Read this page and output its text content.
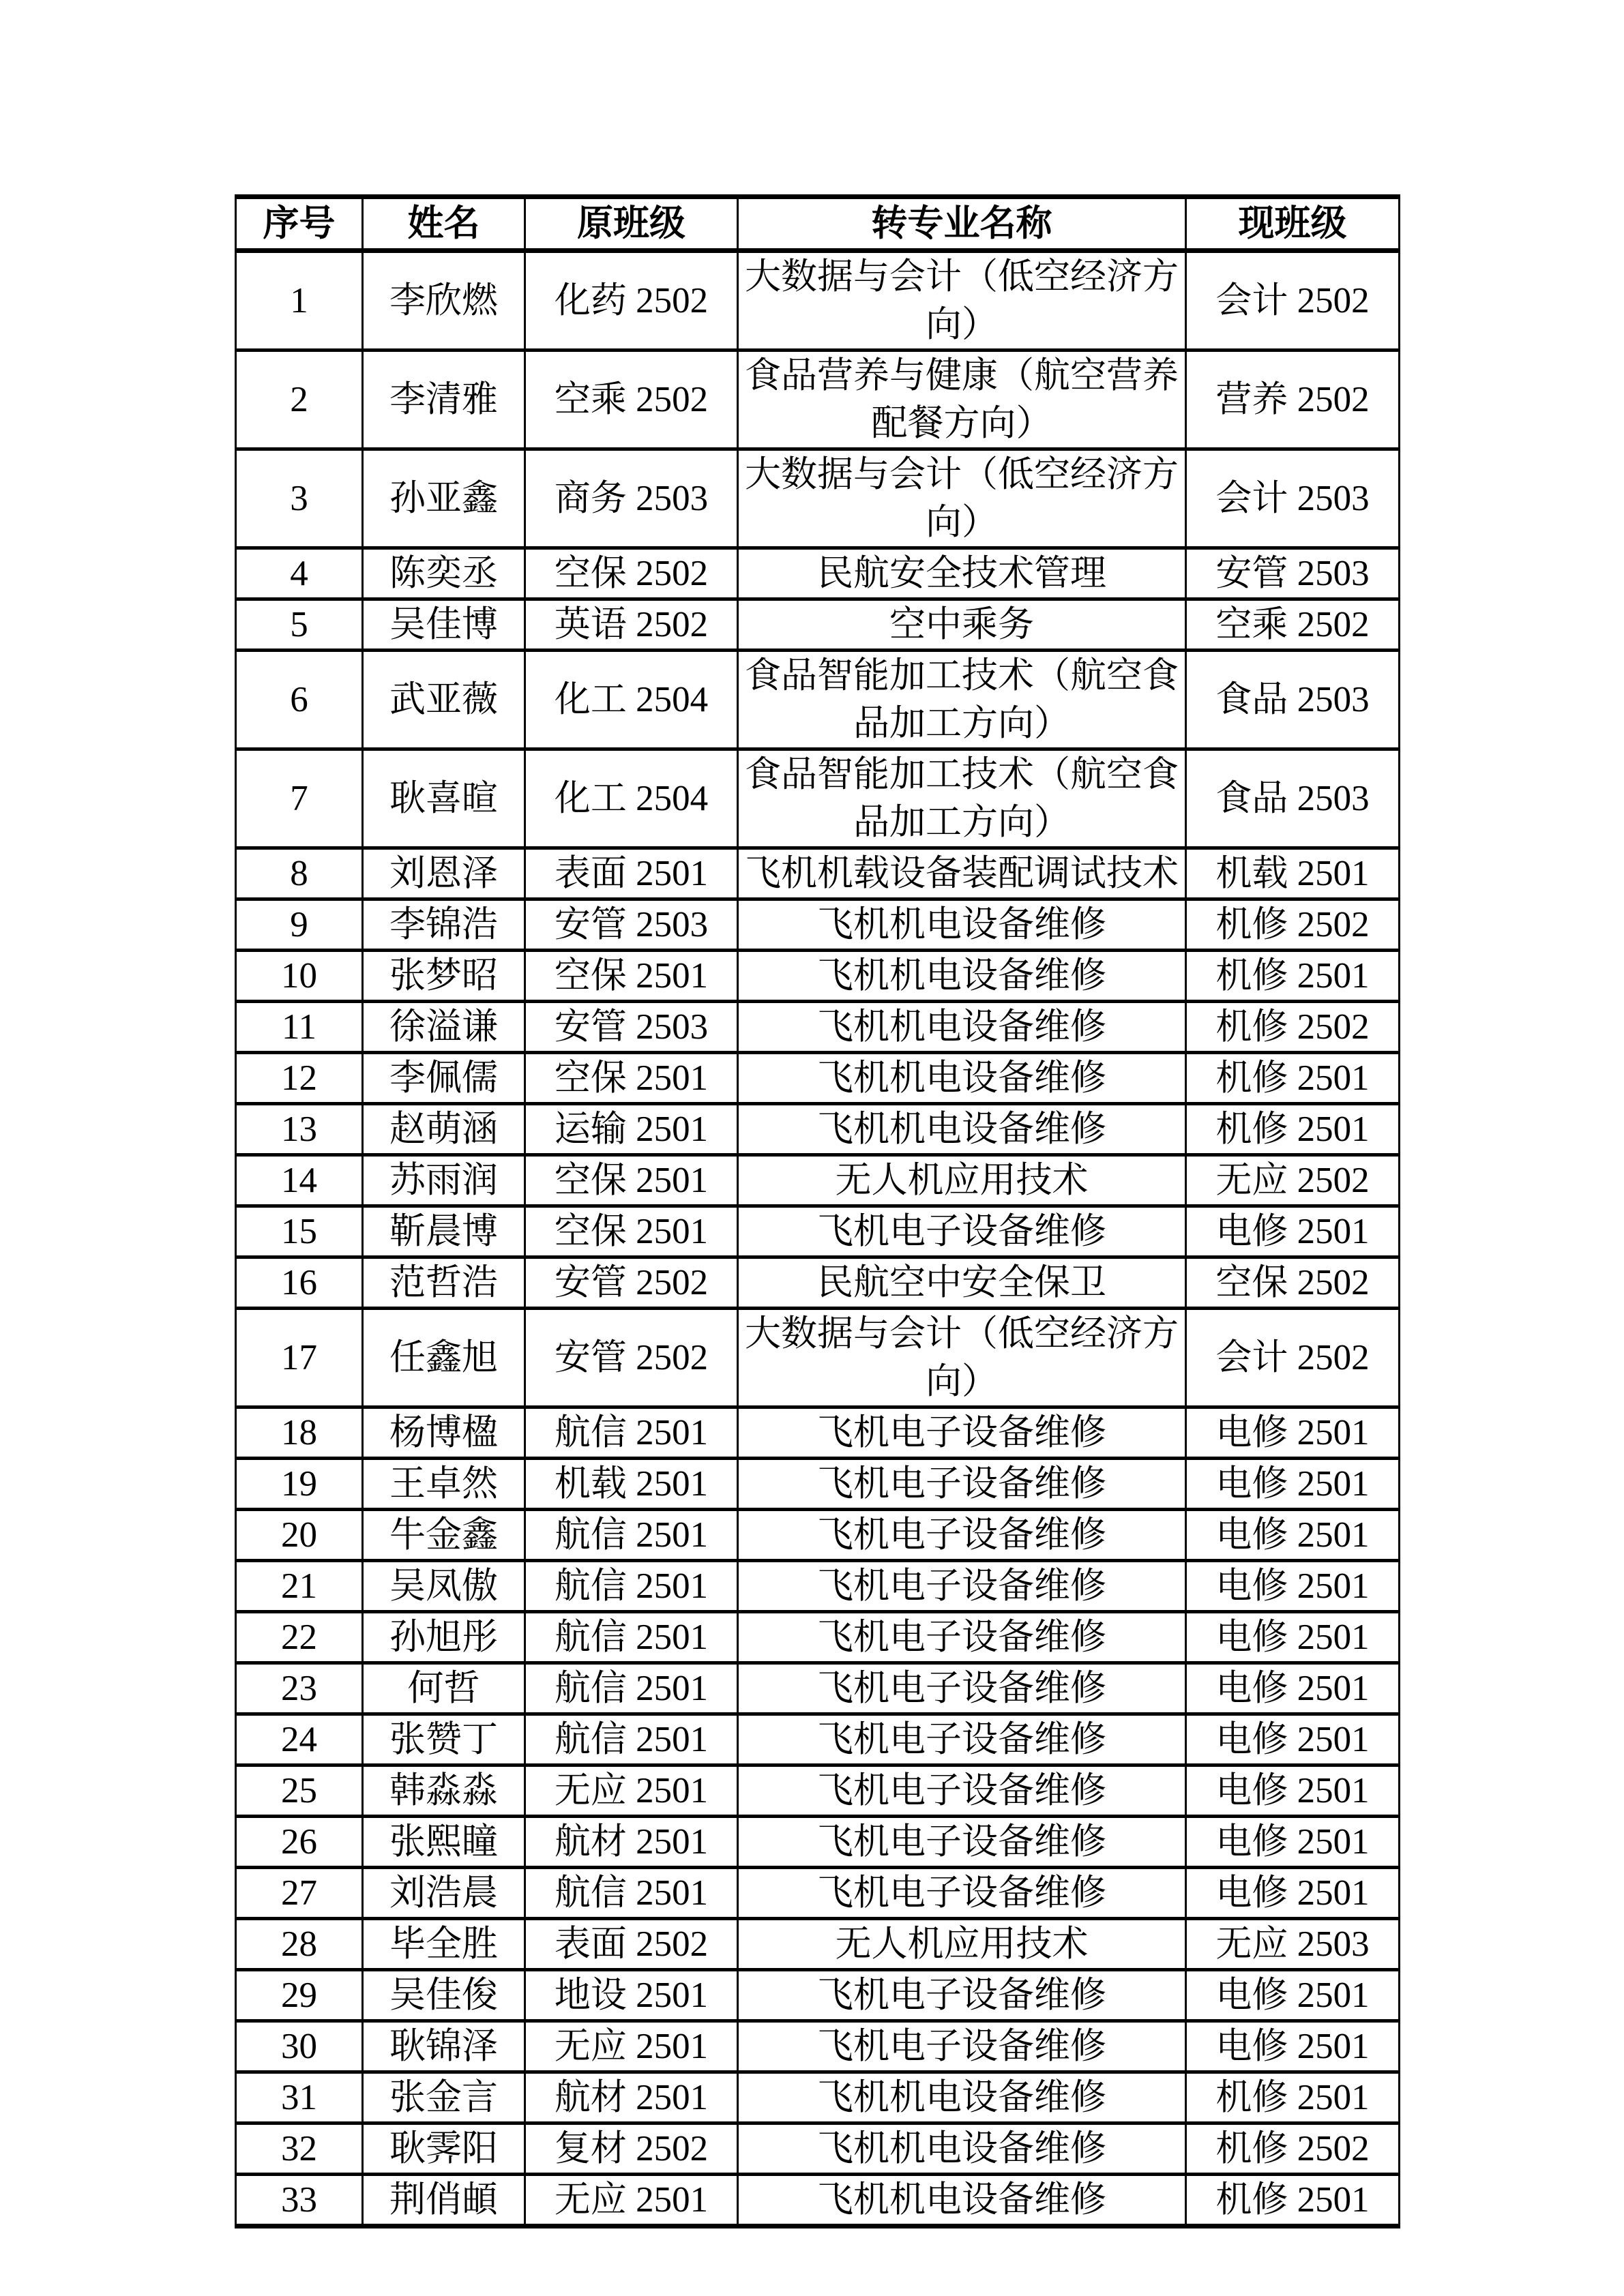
序号	姓名	原班级	转专业名称	现班级
1	李欣燃	化药 2502	大数据与会计（低空经济方向）	会计 2502
2	李清雅	空乘 2502	食品营养与健康（航空营养配餐方向）	营养 2502
3	孙亚鑫	商务 2503	大数据与会计（低空经济方向）	会计 2503
4	陈奕丞	空保 2502	民航安全技术管理	安管 2503
5	吴佳博	英语 2502	空中乘务	空乘 2502
6	武亚薇	化工 2504	食品智能加工技术（航空食品加工方向）	食品 2503
7	耿喜暄	化工 2504	食品智能加工技术（航空食品加工方向）	食品 2503
8	刘恩泽	表面 2501	飞机机载设备装配调试技术	机载 2501
9	李锦浩	安管 2503	飞机机电设备维修	机修 2502
10	张梦昭	空保 2501	飞机机电设备维修	机修 2501
11	徐溢谦	安管 2503	飞机机电设备维修	机修 2502
12	李佩儒	空保 2501	飞机机电设备维修	机修 2501
13	赵萌涵	运输 2501	飞机机电设备维修	机修 2501
14	苏雨润	空保 2501	无人机应用技术	无应 2502
15	靳晨博	空保 2501	飞机电子设备维修	电修 2501
16	范哲浩	安管 2502	民航空中安全保卫	空保 2502
17	任鑫旭	安管 2502	大数据与会计（低空经济方向）	会计 2502
18	杨博楹	航信 2501	飞机电子设备维修	电修 2501
19	王卓然	机载 2501	飞机电子设备维修	电修 2501
20	牛金鑫	航信 2501	飞机电子设备维修	电修 2501
21	吴凤傲	航信 2501	飞机电子设备维修	电修 2501
22	孙旭彤	航信 2501	飞机电子设备维修	电修 2501
23	何哲	航信 2501	飞机电子设备维修	电修 2501
24	张赞丁	航信 2501	飞机电子设备维修	电修 2501
25	韩淼淼	无应 2501	飞机电子设备维修	电修 2501
26	张熙瞳	航材 2501	飞机电子设备维修	电修 2501
27	刘浩晨	航信 2501	飞机电子设备维修	电修 2501
28	毕全胜	表面 2502	无人机应用技术	无应 2503
29	吴佳俊	地设 2501	飞机电子设备维修	电修 2501
30	耿锦泽	无应 2501	飞机电子设备维修	电修 2501
31	张金言	航材 2501	飞机机电设备维修	机修 2501
32	耿霁阳	复材 2502	飞机机电设备维修	机修 2502
33	荆俏頔	无应 2501	飞机机电设备维修	机修 2501
